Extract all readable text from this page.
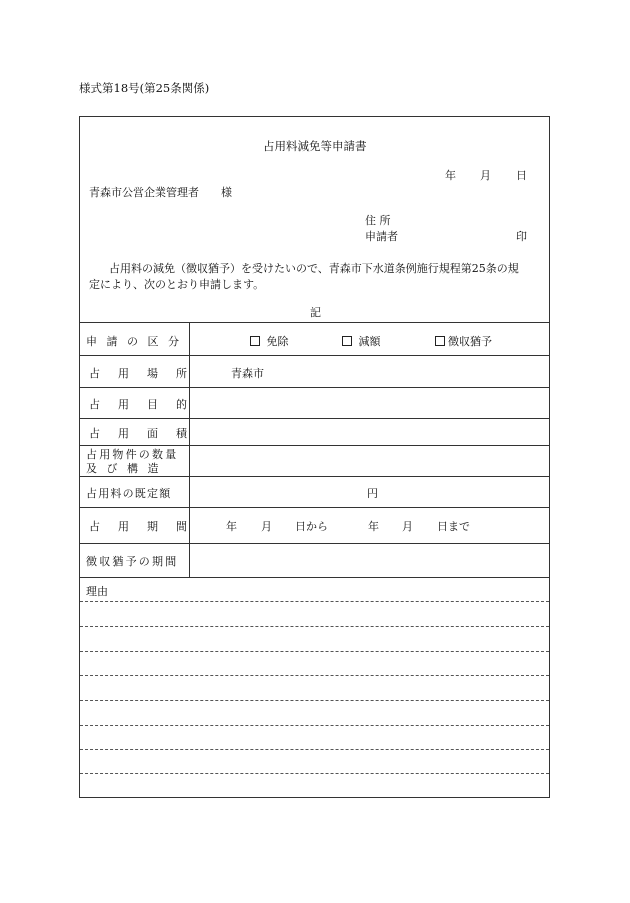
様式第18号(第25条関係)
占用料減免等申請書
年 月 日
青森市公営企業管理者　　様
住 所
申請者	印
占用料の減免（徴収猶予）を受けたいので、青森市下水道条例施行規程第25条の規
定により、次のとおり申請します。
記
申請の区分	免除	減額	徴収猶予
占用場所 青森市
占用目的
占用面積
占用物件の数量
及び構造
占用料の既定額	円
占用期間 年 月 日から	年 月 日まで
徴収猶予の期間
理由
